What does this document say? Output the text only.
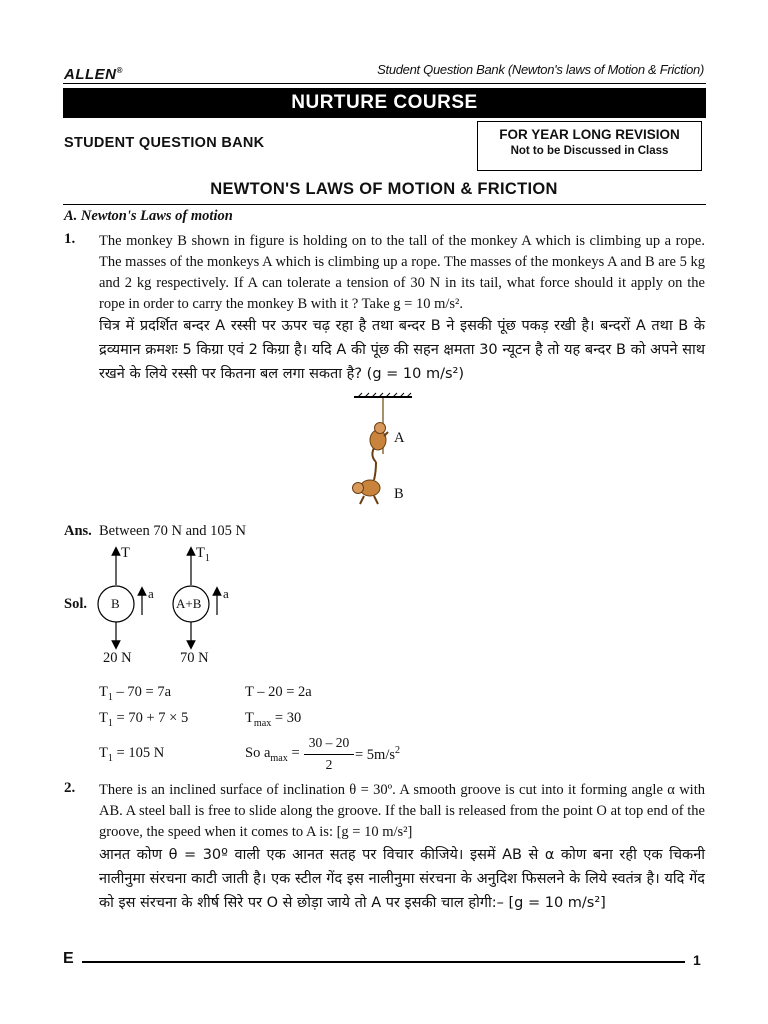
Student Question Bank (Newton's laws of Motion & Friction)
ALLEN®
NURTURE COURSE
STUDENT QUESTION BANK
FOR YEAR LONG REVISION
Not to be Discussed in Class
NEWTON'S LAWS OF MOTION & FRICTION
A. Newton's Laws of motion
1. The monkey B shown in figure is holding on to the tall of the monkey A which is climbing up a rope. The masses of the monkeys A which is climbing up a rope. The masses of the monkeys A and B are 5 kg and 2 kg respectively. If A can tolerate a tension of 30 N in its tail, what force should it apply on the rope in order to carry the monkey B with it ? Take g = 10 m/s².
चित्र में प्रदर्शित बन्दर A रस्सी पर ऊपर चढ़ रहा है तथा बन्दर B ने इसकी पूंछ पकड़ रखी है। बन्दरों A तथा B के द्रव्यमान क्रमशः 5 किग्रा एवं 2 किग्रा है। यदि A की पूंछ की सहन क्षमता 30 न्यूटन है तो यह बन्दर B को अपने साथ रखने के लिये रस्सी पर कितना बल लगा सकता है? (g = 10 m/s²)
A
B
Ans. Between 70 N and 105 N
Sol.
T	$T_1$
B	A+B
a	a
20 N	70 N
$T_1 - 70 = 7a$
$T_1 = 70 + 7 \times 5$
$T_1 = 105$ N
T – 20 = 2a
$T_{max} = 30$
So $a_{max}$ =
30 – 20
2
= $5m/s^2$
2. There is an inclined surface of inclination θ = 30º. A smooth groove is cut into it forming angle α with AB. A steel ball is free to slide along the groove. If the ball is released from the point O at top end of the groove, the speed when it comes to A is: [g = 10 m/s²]
आनत कोण θ = 30º वाली एक आनत सतह पर विचार कीजिये। इसमें AB से α कोण बना रही एक चिकनी नालीनुमा संरचना काटी जाती है। एक स्टील गेंद इस नालीनुमा संरचना के अनुदिश फिसलने के लिये स्वतंत्र है। यदि गेंद को इस संरचना के शीर्ष सिरे पर O से छोड़ा जाये तो A पर इसकी चाल होगी:– [g = 10 m/s²]
E	1
